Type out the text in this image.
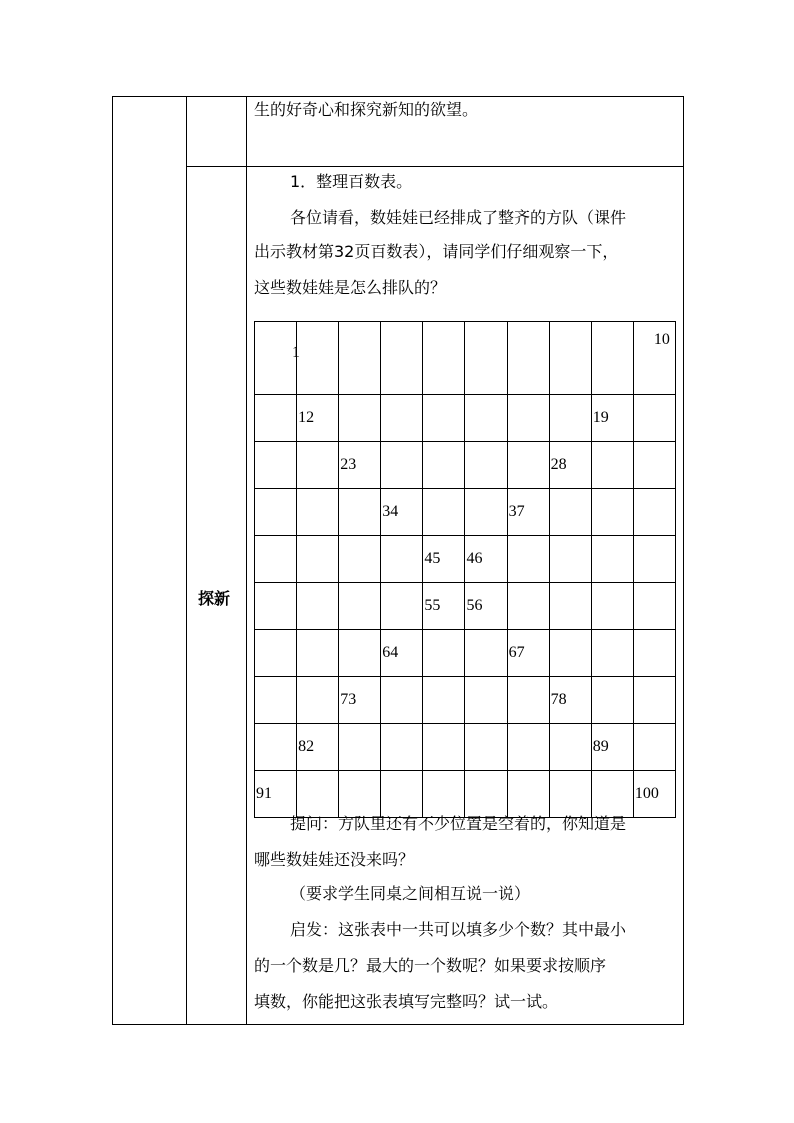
生的好奇心和探究新知的欲望。
探新
1．整理百数表。
各位请看，数娃娃已经排成了整齐的方队（课件
出示教材第32页百数表），请同学们仔细观察一下，
这些数娃娃是怎么排队的？
1									10

	12							19	

		23					28		

			34			37			

				45	46				

				55	56				

			64			67			

		73					78		

	82							89	

91									100
提问：方队里还有不少位置是空着的，你知道是
哪些数娃娃还没来吗？
（要求学生同桌之间相互说一说）
启发：这张表中一共可以填多少个数？其中最小
的一个数是几？最大的一个数呢？如果要求按顺序
填数，你能把这张表填写完整吗？试一试。
